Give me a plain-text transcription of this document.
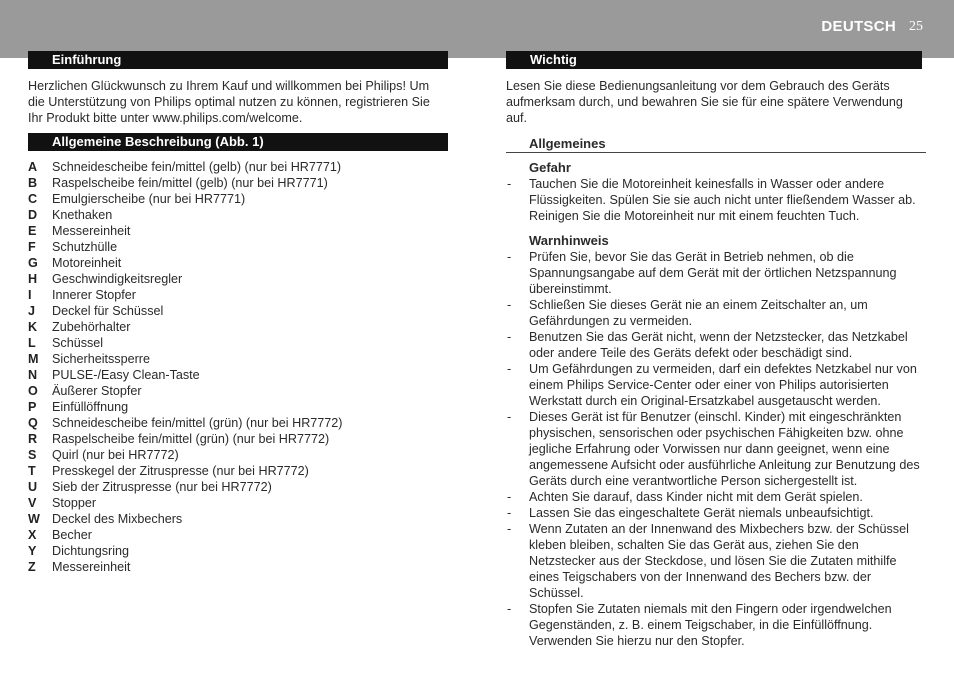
DEUTSCH 25
Einführung

Herzlichen Glückwunsch zu Ihrem Kauf und willkommen bei Philips! Um die Unterstützung von Philips optimal nutzen zu können, registrieren Sie Ihr Produkt bitte unter www.philips.com/welcome.

Allgemeine Beschreibung (Abb. 1)
A	Schneidescheibe fein/mittel (gelb) (nur bei HR7771)
B	Raspelscheibe fein/mittel (gelb) (nur bei HR7771)
C	Emulgierscheibe (nur bei HR7771)
D	Knethaken
E	Messereinheit
F	Schutzhülle
G	Motoreinheit
H	Geschwindigkeitsregler
I	Innerer Stopfer
J	Deckel für Schüssel
K	Zubehörhalter
L	Schüssel
M	Sicherheitssperre
N	PULSE-/Easy Clean-Taste
O	Äußerer Stopfer
P	Einfüllöffnung
Q	Schneidescheibe fein/mittel (grün) (nur bei HR7772)
R	Raspelscheibe fein/mittel (grün) (nur bei HR7772)
S	Quirl (nur bei HR7772)
T	Presskegel der Zitruspresse (nur bei HR7772)
U	Sieb der Zitruspresse (nur bei HR7772)
V	Stopper
W Deckel des Mixbechers
X	Becher
Y	Dichtungsring
Z	Messereinheit
Wichtig

Lesen Sie diese Bedienungsanleitung vor dem Gebrauch des Geräts aufmerksam durch, und bewahren Sie sie für eine spätere Verwendung auf.

Allgemeines
Gefahr
-	Tauchen Sie die Motoreinheit keinesfalls in Wasser oder andere Flüssigkeiten. Spülen Sie sie auch nicht unter fließendem Wasser ab. Reinigen Sie die Motoreinheit nur mit einem feuchten Tuch.
Warnhinweis
-	Prüfen Sie, bevor Sie das Gerät in Betrieb nehmen, ob die Spannungsangabe auf dem Gerät mit der örtlichen Netzspannung übereinstimmt.
-	Schließen Sie dieses Gerät nie an einem Zeitschalter an, um Gefährdungen zu vermeiden.
-	Benutzen Sie das Gerät nicht, wenn der Netzstecker, das Netzkabel oder andere Teile des Geräts defekt oder beschädigt sind.
-	Um Gefährdungen zu vermeiden, darf ein defektes Netzkabel nur von einem Philips Service-Center oder einer von Philips autorisierten Werkstatt durch ein Original-Ersatzkabel ausgetauscht werden.
-	Dieses Gerät ist für Benutzer (einschl. Kinder) mit eingeschränkten physischen, sensorischen oder psychischen Fähigkeiten bzw. ohne jegliche Erfahrung oder Vorwissen nur dann geeignet, wenn eine angemessene Aufsicht oder ausführliche Anleitung zur Benutzung des Geräts durch eine verantwortliche Person sichergestellt ist.
-	Achten Sie darauf, dass Kinder nicht mit dem Gerät spielen.
-	Lassen Sie das eingeschaltete Gerät niemals unbeaufsichtigt.
-	Wenn Zutaten an der Innenwand des Mixbechers bzw. der Schüssel kleben bleiben, schalten Sie das Gerät aus, ziehen Sie den Netzstecker aus der Steckdose, und lösen Sie die Zutaten mithilfe eines Teigschabers von der Innenwand des Bechers bzw. der Schüssel.
-	Stopfen Sie Zutaten niemals mit den Fingern oder irgendwelchen Gegenständen, z. B. einem Teigschaber, in die Einfüllöffnung. Verwenden Sie hierzu nur den Stopfer.
